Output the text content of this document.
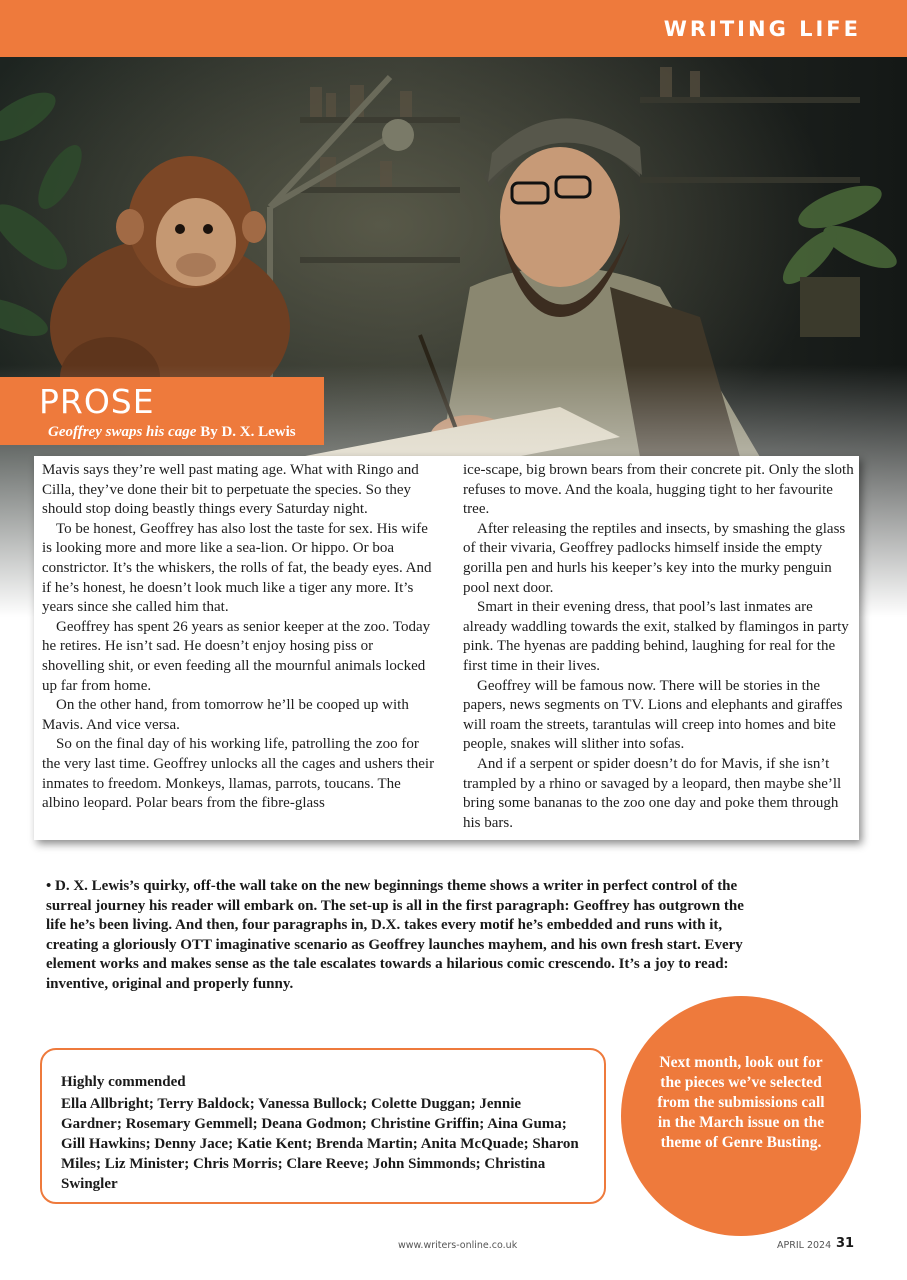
WRITING LIFE
PROSE
Geoffrey swaps his cage By D. X. Lewis

Mavis says they’re well past mating age. What with Ringo and Cilla, they’ve done their bit to perpetuate the species. So they should stop doing beastly things every Saturday night.

To be honest, Geoffrey has also lost the taste for sex. His wife is looking more and more like a sea-lion. Or hippo. Or boa constrictor. It’s the whiskers, the rolls of fat, the beady eyes. And if he’s honest, he doesn’t look much like a tiger any more. It’s years since she called him that.

Geoffrey has spent 26 years as senior keeper at the zoo. Today he retires. He isn’t sad. He doesn’t enjoy hosing piss or shovelling shit, or even feeding all the mournful animals locked up far from home.

On the other hand, from tomorrow he’ll be cooped up with Mavis. And vice versa.

So on the final day of his working life, patrolling the zoo for the very last time. Geoffrey unlocks all the cages and ushers their inmates to freedom. Monkeys, llamas, parrots, toucans. The albino leopard. Polar bears from the fibre-glass

ice-scape, big brown bears from their concrete pit. Only the sloth refuses to move. And the koala, hugging tight to her favourite tree.

After releasing the reptiles and insects, by smashing the glass of their vivaria, Geoffrey padlocks himself inside the empty gorilla pen and hurls his keeper’s key into the murky penguin pool next door.

Smart in their evening dress, that pool’s last inmates are already waddling towards the exit, stalked by flamingos in party pink. The hyenas are padding behind, laughing for real for the first time in their lives.

Geoffrey will be famous now. There will be stories in the papers, news segments on TV. Lions and elephants and giraffes will roam the streets, tarantulas will creep into homes and bite people, snakes will slither into sofas.

And if a serpent or spider doesn’t do for Mavis, if she isn’t trampled by a rhino or savaged by a leopard, then maybe she’ll bring some bananas to the zoo one day and poke them through his bars.

• D. X. Lewis’s quirky, off-the wall take on the new beginnings theme shows a writer in perfect control of the surreal journey his reader will embark on. The set-up is all in the first paragraph: Geoffrey has outgrown the life he’s been living. And then, four paragraphs in, D.X. takes every motif he’s embedded and runs with it, creating a gloriously OTT imaginative scenario as Geoffrey launches mayhem, and his own fresh start. Every element works and makes sense as the tale escalates towards a hilarious comic crescendo. It’s a joy to read: inventive, original and properly funny.
Highly commended
Ella Allbright; Terry Baldock; Vanessa Bullock; Colette Duggan; Jennie Gardner; Rosemary Gemmell; Deana Godmon; Christine Griffin; Aina Guma; Gill Hawkins; Denny Jace; Katie Kent; Brenda Martin; Anita McQuade; Sharon Miles; Liz Minister; Chris Morris; Clare Reeve; John Simmonds; Christina Swingler
Next month, look out for the pieces we’ve selected from the submissions call in the March issue on the theme of Genre Busting.
www.writers-online.co.uk	APRIL 2024 31
